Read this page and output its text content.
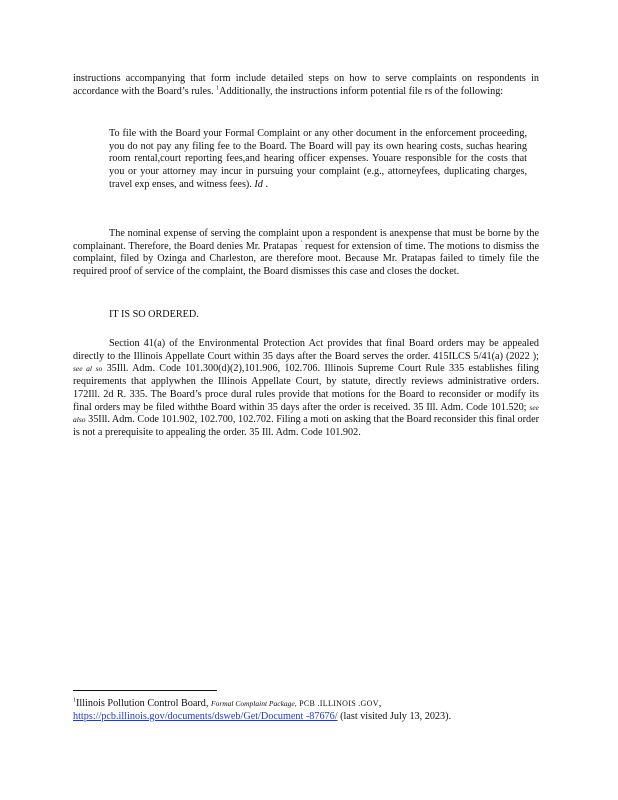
instructions accompanying that form include detailed steps on how to serve complaints on respondents in accordance with the Board’s rules. $^1$Additionally, the instructions inform potential file rs of the following:

To file with the Board your Formal Complaint or any other document in the enforcement proceeding, you do not pay any filing fee to the Board. The Board will pay its own hearing costs, suchas hearing room rental,court reporting fees,and hearing officer expenses. Youare responsible for the costs that you or your attorney may incur in pursuing your complaint (e.g., attorneyfees, duplicating charges, travel exp enses, and witness fees). Id .

The nominal expense of serving the complaint upon a respondent is anexpense that must be borne by the complainant. Therefore, the Board denies Mr. Pratapas ’ request for extension of time. The motions to dismiss the complaint, filed by Ozinga and Charleston, are therefore moot. Because Mr. Pratapas failed to timely file the required proof of service of the complaint, the Board dismisses this case and closes the docket.

IT IS SO ORDERED.

Section 41(a) of the Environmental Protection Act provides that final Board orders may be appealed directly to the Illinois Appellate Court within 35 days after the Board serves the order. 415ILCS 5/41(a) (2022 ); see al so 35Ill. Adm. Code 101.300(d)(2),101.906, 102.706. Illinois Supreme Court Rule 335 establishes filing requirements that applywhen the Illinois Appellate Court, by statute, directly reviews administrative orders. 172Ill. 2d R. 335. The Board’s proce dural rules provide that motions for the Board to reconsider or modify its final orders may be filed withthe Board within 35 days after the order is received. 35 Ill. Adm. Code 101.520; see also 35Ill. Adm. Code 101.902, 102.700, 102.702. Filing a moti on asking that the Board reconsider this final order is not a prerequisite to appealing the order. 35 Ill. Adm. Code 101.902.

$^1$Illinois Pollution Control Board, Formal Complaint Package, PCB .ILLINOIS .GOV,
https://pcb.illinois.gov/documents/dsweb/Get/Document -87676/ (last visited July 13, 2023).
